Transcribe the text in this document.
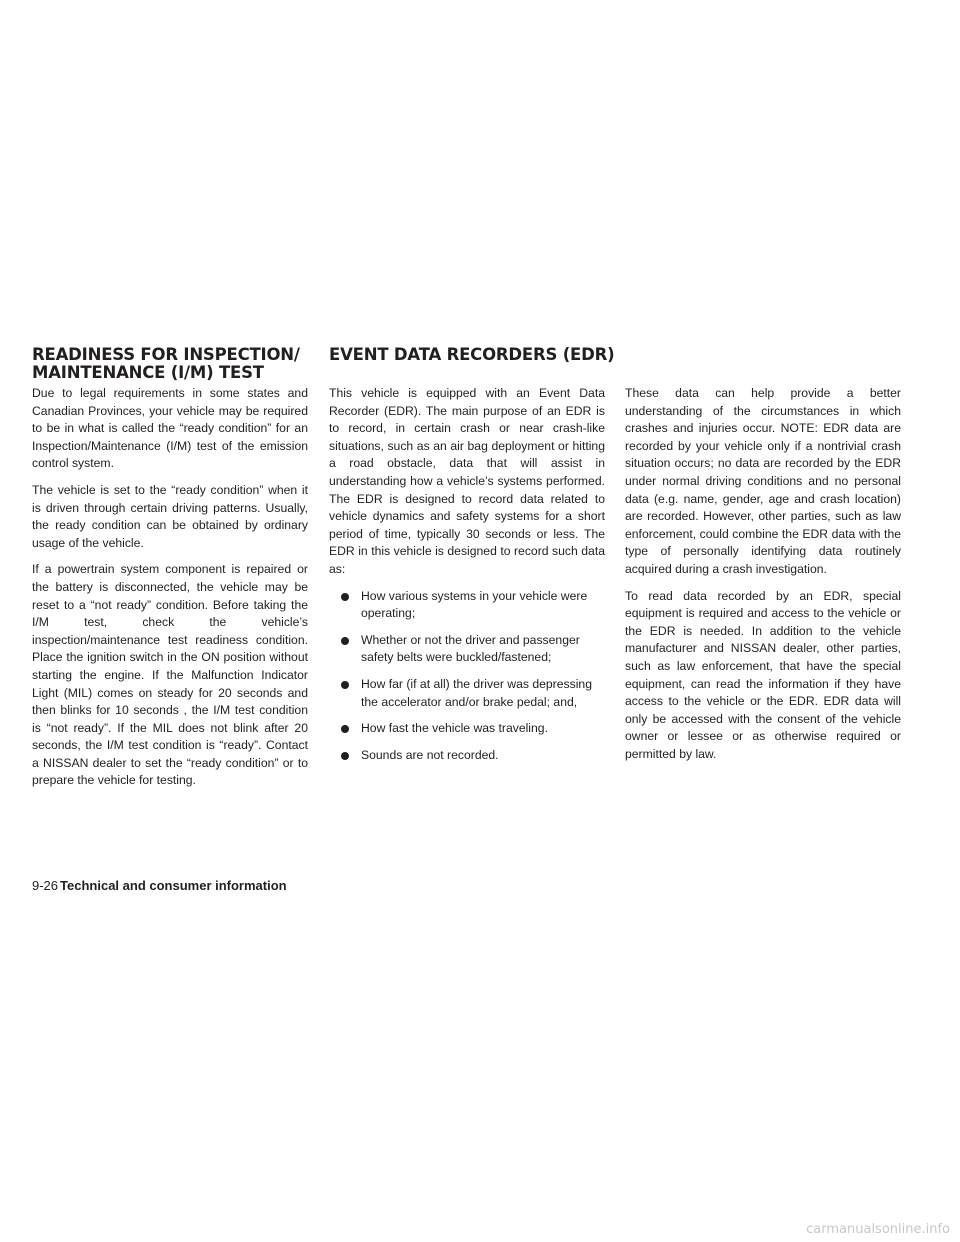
READINESS FOR INSPECTION/
MAINTENANCE (I/M) TEST
EVENT DATA RECORDERS (EDR)

Due to legal requirements in some states and Canadian Provinces, your vehicle may be required to be in what is called the “ready condition” for an Inspection/Maintenance (I/M) test of the emission control system.

The vehicle is set to the “ready condition” when it is driven through certain driving patterns. Usually, the ready condition can be obtained by ordinary usage of the vehicle.

If a powertrain system component is repaired or the battery is disconnected, the vehicle may be reset to a “not ready” condition. Before taking the I/M test, check the vehicle’s inspection/maintenance test readiness condition. Place the ignition switch in the ON position without starting the engine. If the Malfunction Indicator Light (MIL) comes on steady for 20 seconds and then blinks for 10 seconds , the I/M test condition is “not ready”. If the MIL does not blink after 20 seconds, the I/M test condition is “ready”. Contact a NISSAN dealer to set the “ready condition” or to prepare the vehicle for testing.

This vehicle is equipped with an Event Data Recorder (EDR). The main purpose of an EDR is to record, in certain crash or near crash-like situations, such as an air bag deployment or hitting a road obstacle, data that will assist in understanding how a vehicle’s systems performed. The EDR is designed to record data related to vehicle dynamics and safety systems for a short period of time, typically 30 seconds or less. The EDR in this vehicle is designed to record such data as:

How various systems in your vehicle were operating;
Whether or not the driver and passenger safety belts were buckled/fastened;
How far (if at all) the driver was depressing the accelerator and/or brake pedal; and,
How fast the vehicle was traveling.
Sounds are not recorded.

These data can help provide a better understanding of the circumstances in which crashes and injuries occur. NOTE: EDR data are recorded by your vehicle only if a nontrivial crash situation occurs; no data are recorded by the EDR under normal driving conditions and no personal data (e.g. name, gender, age and crash location) are recorded. However, other parties, such as law enforcement, could combine the EDR data with the type of personally identifying data routinely acquired during a crash investigation.

To read data recorded by an EDR, special equipment is required and access to the vehicle or the EDR is needed. In addition to the vehicle manufacturer and NISSAN dealer, other parties, such as law enforcement, that have the special equipment, can read the information if they have access to the vehicle or the EDR. EDR data will only be accessed with the consent of the vehicle owner or lessee or as otherwise required or permitted by law.

9-26 Technical and consumer information
carmanualsonline.info
